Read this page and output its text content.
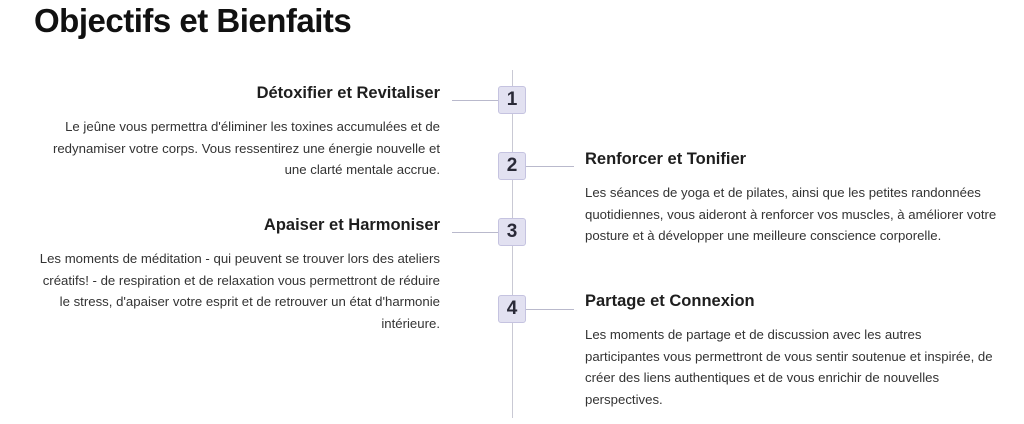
Objectifs et Bienfaits
1
Détoxifier et Revitaliser

Le jeûne vous permettra d'éliminer les toxines accumulées et de redynamiser votre corps. Vous ressentirez une énergie nouvelle et une clarté mentale accrue.	2	Renforcer et Tonifier

Les séances de yoga et de pilates, ainsi que les petites randonnées quotidiennes, vous aideront à renforcer vos muscles, à améliorer votre posture et à développer une meilleure conscience corporelle.

3
Apaiser et Harmoniser

Les moments de méditation - qui peuvent se trouver lors des ateliers créatifs! - de respiration et de relaxation vous permettront de réduire le stress, d'apaiser votre esprit et de retrouver un état d'harmonie intérieure.

4	Partage et Connexion

Les moments de partage et de discussion avec les autres participantes vous permettront de vous sentir soutenue et inspirée, de créer des liens authentiques et de vous enrichir de nouvelles perspectives.
